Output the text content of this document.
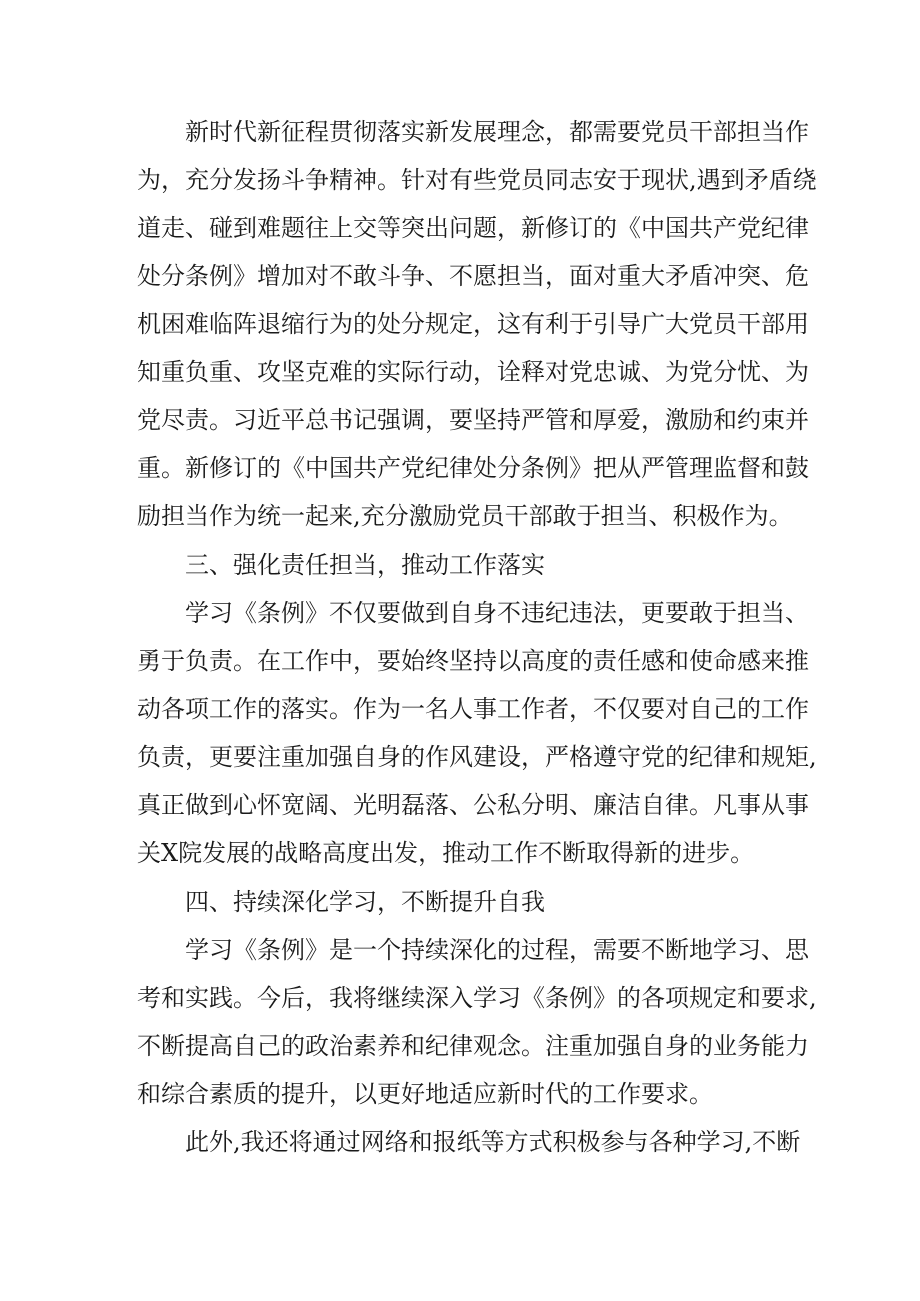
新时代新征程贯彻落实新发展理念，都需要党员干部担当作

为，充分发扬斗争精神。针对有些党员同志安于现状,遇到矛盾绕

道走、碰到难题往上交等突出问题，新修订的《中国共产党纪律

处分条例》增加对不敢斗争、不愿担当，面对重大矛盾冲突、危

机困难临阵退缩行为的处分规定，这有利于引导广大党员干部用

知重负重、攻坚克难的实际行动，诠释对党忠诚、为党分忧、为

党尽责。习近平总书记强调，要坚持严管和厚爱，激励和约束并

重。新修订的《中国共产党纪律处分条例》把从严管理监督和鼓

励担当作为统一起来,充分激励党员干部敢于担当、积极作为。

三、强化责任担当，推动工作落实

学习《条例》不仅要做到自身不违纪违法，更要敢于担当、

勇于负责。在工作中，要始终坚持以高度的责任感和使命感来推

动各项工作的落实。作为一名人事工作者，不仅要对自己的工作

负责，更要注重加强自身的作风建设，严格遵守党的纪律和规矩,

真正做到心怀宽阔、光明磊落、公私分明、廉洁自律。凡事从事

关X院发展的战略高度出发，推动工作不断取得新的进步。

四、持续深化学习，不断提升自我

学习《条例》是一个持续深化的过程，需要不断地学习、思

考和实践。今后，我将继续深入学习《条例》的各项规定和要求,

不断提高自己的政治素养和纪律观念。注重加强自身的业务能力

和综合素质的提升，以更好地适应新时代的工作要求。

此外,我还将通过网络和报纸等方式积极参与各种学习,不断
